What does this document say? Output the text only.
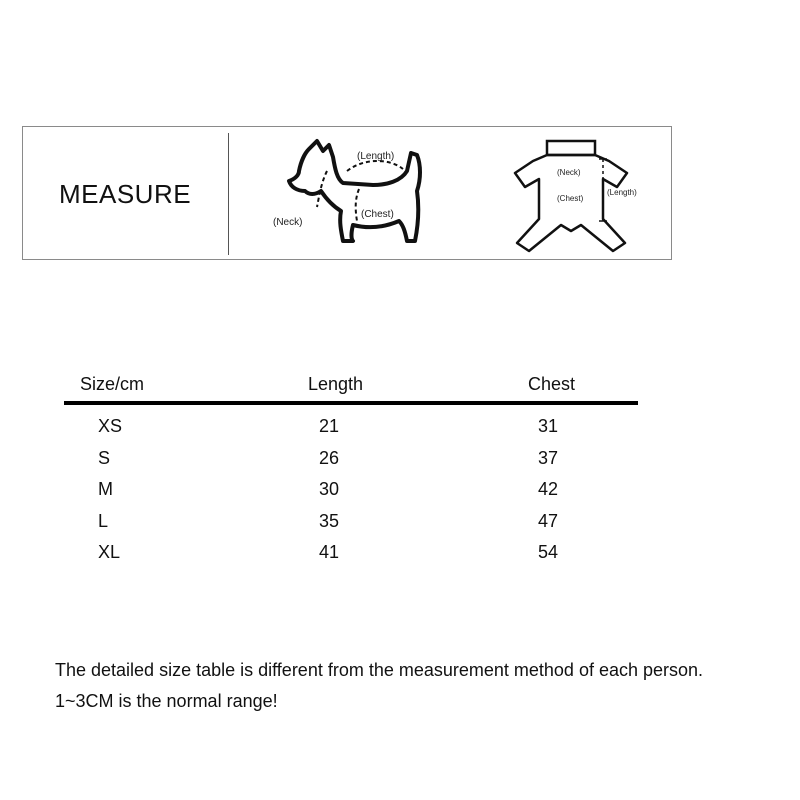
MEASURE
(Length)
(Neck)
(Chest)
(Neck)
(Chest)
(Length)
Size/cm	Length	Chest
XS	21	31
S	26	37
M	30	42
L	35	47
XL	41	54
The detailed size table is different from the measurement method of each person.
1~3CM is the normal range!
